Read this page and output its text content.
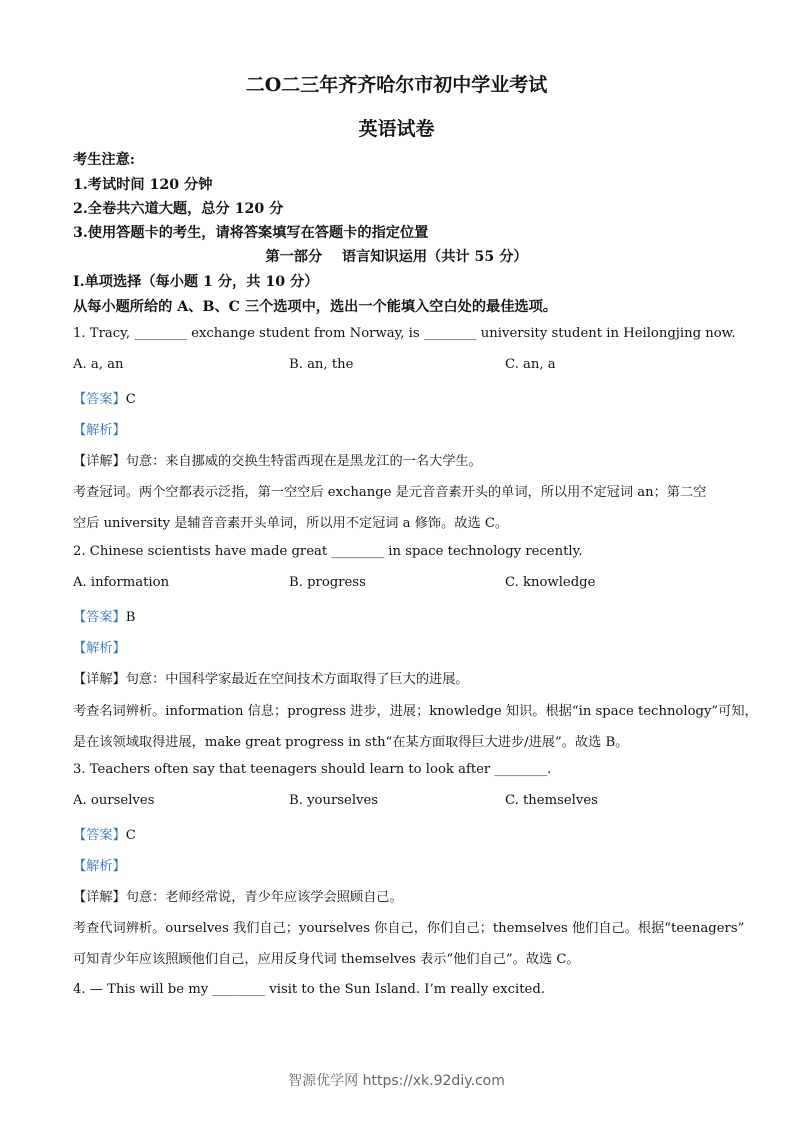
二O二三年齐齐哈尔市初中学业考试
英语试卷
考生注意:
1.考试时间 120 分钟
2.全卷共六道大题，总分 120 分
3.使用答题卡的考生，请将答案填写在答题卡的指定位置
第一部分    语言知识运用（共计 55 分）
I.单项选择（每小题 1 分，共 10 分）
从每小题所给的 A、B、C 三个选项中，选出一个能填入空白处的最佳选项。
1. Tracy, ________ exchange student from Norway, is ________ university student in Heilongjing now.
A. a, an	B. an, the	C. an, a
【答案】C
【解析】
【详解】句意：来自挪威的交换生特雷西现在是黑龙江的一名大学生。
考查冠词。两个空都表示泛指，第一空空后 exchange 是元音音素开头的单词，所以用不定冠词 an；第二空
空后 university 是辅音音素开头单词，所以用不定冠词 a 修饰。故选 C。
2. Chinese scientists have made great ________ in space technology recently.
A. information	B. progress	C. knowledge
【答案】B
【解析】
【详解】句意：中国科学家最近在空间技术方面取得了巨大的进展。
考查名词辨析。information 信息；progress 进步，进展；knowledge 知识。根据“in space technology”可知，
是在该领域取得进展，make great progress in sth“在某方面取得巨大进步/进展”。故选 B。
3. Teachers often say that teenagers should learn to look after ________.
A. ourselves	B. yourselves	C. themselves
【答案】C
【解析】
【详解】句意：老师经常说，青少年应该学会照顾自己。
考查代词辨析。ourselves 我们自己；yourselves 你自己，你们自己；themselves 他们自己。根据“teenagers”
可知青少年应该照顾他们自己，应用反身代词 themselves 表示“他们自己”。故选 C。
4. — This will be my ________ visit to the Sun Island. I’m really excited.
智源优学网 https://xk.92diy.com
